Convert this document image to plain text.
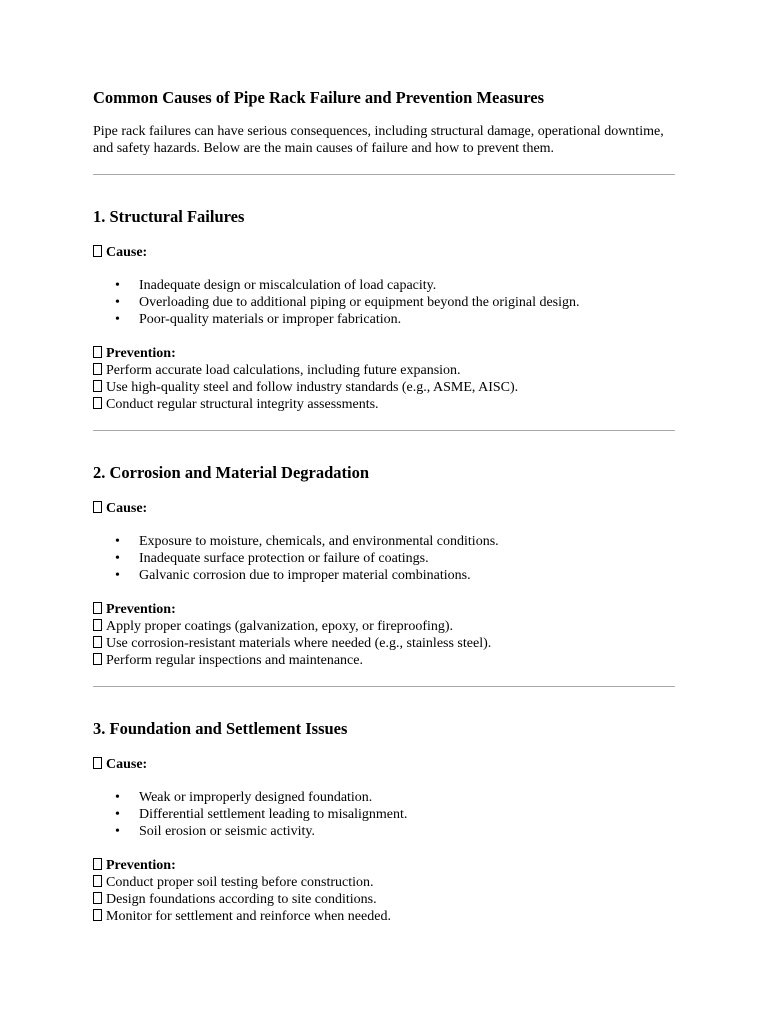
Common Causes of Pipe Rack Failure and Prevention Measures

Pipe rack failures can have serious consequences, including structural damage, operational downtime, and safety hazards. Below are the main causes of failure and how to prevent them.

1. Structural Failures
Cause:
• Inadequate design or miscalculation of load capacity.
• Overloading due to additional piping or equipment beyond the original design.
• Poor-quality materials or improper fabrication.
Prevention:
Perform accurate load calculations, including future expansion.
Use high-quality steel and follow industry standards (e.g., ASME, AISC).
Conduct regular structural integrity assessments.
2. Corrosion and Material Degradation
Cause:
• Exposure to moisture, chemicals, and environmental conditions.
• Inadequate surface protection or failure of coatings.
• Galvanic corrosion due to improper material combinations.
Prevention:
Apply proper coatings (galvanization, epoxy, or fireproofing).
Use corrosion-resistant materials where needed (e.g., stainless steel).
Perform regular inspections and maintenance.
3. Foundation and Settlement Issues
Cause:
• Weak or improperly designed foundation.
• Differential settlement leading to misalignment.
• Soil erosion or seismic activity.
Prevention:
Conduct proper soil testing before construction.
Design foundations according to site conditions.
Monitor for settlement and reinforce when needed.
